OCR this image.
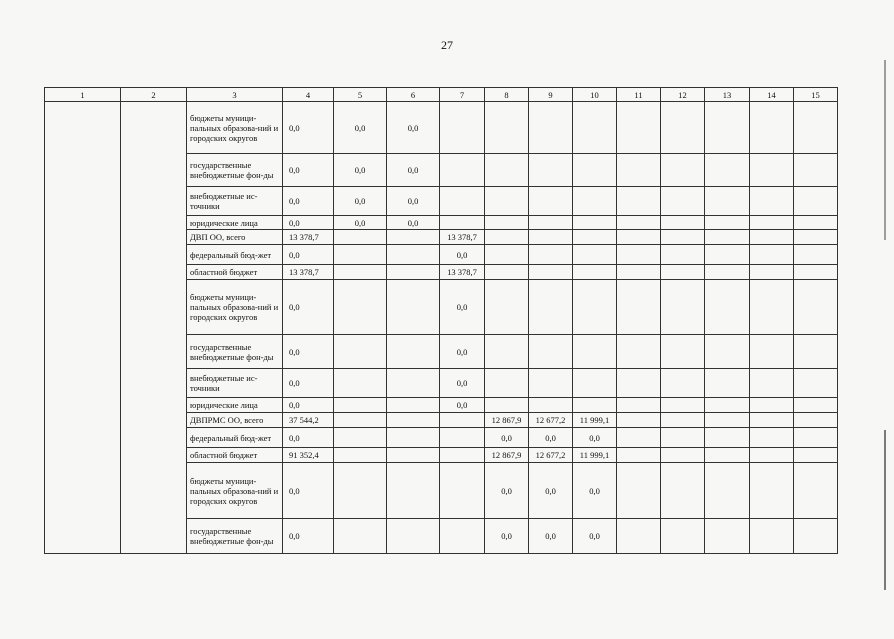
27
1	2	3	4	5	6	7	8	9	10	11	12	13	14	15
		бюджеты муници-пальных образова-ний и городских округов	0,0	0,0	0,0									
		государственные внебюджетные фон-ды	0,0	0,0	0,0									
		внебюджетные ис-точники	0,0	0,0	0,0									
		юридические лица	0,0	0,0	0,0									
		ДВП ОО, всего	13 378,7			13 378,7								
		федеральный бюд-жет	0,0			0,0								
		областной бюджет	13 378,7			13 378,7								
		бюджеты муници-пальных образова-ний и городских округов	0,0			0,0								
		государственные внебюджетные фон-ды	0,0			0,0								
		внебюджетные ис-точники	0,0			0,0								
		юридические лица	0,0			0,0								
		ДВПРМС ОО, всего	37 544,2				12 867,9	12 677,2	11 999,1					
		федеральный бюд-жет	0,0				0,0	0,0	0,0					
		областной бюджет	91 352,4				12 867,9	12 677,2	11 999,1					
		бюджеты муници-пальных образова-ний и городских округов	0,0				0,0	0,0	0,0					
		государственные внебюджетные фон-ды	0,0				0,0	0,0	0,0					
